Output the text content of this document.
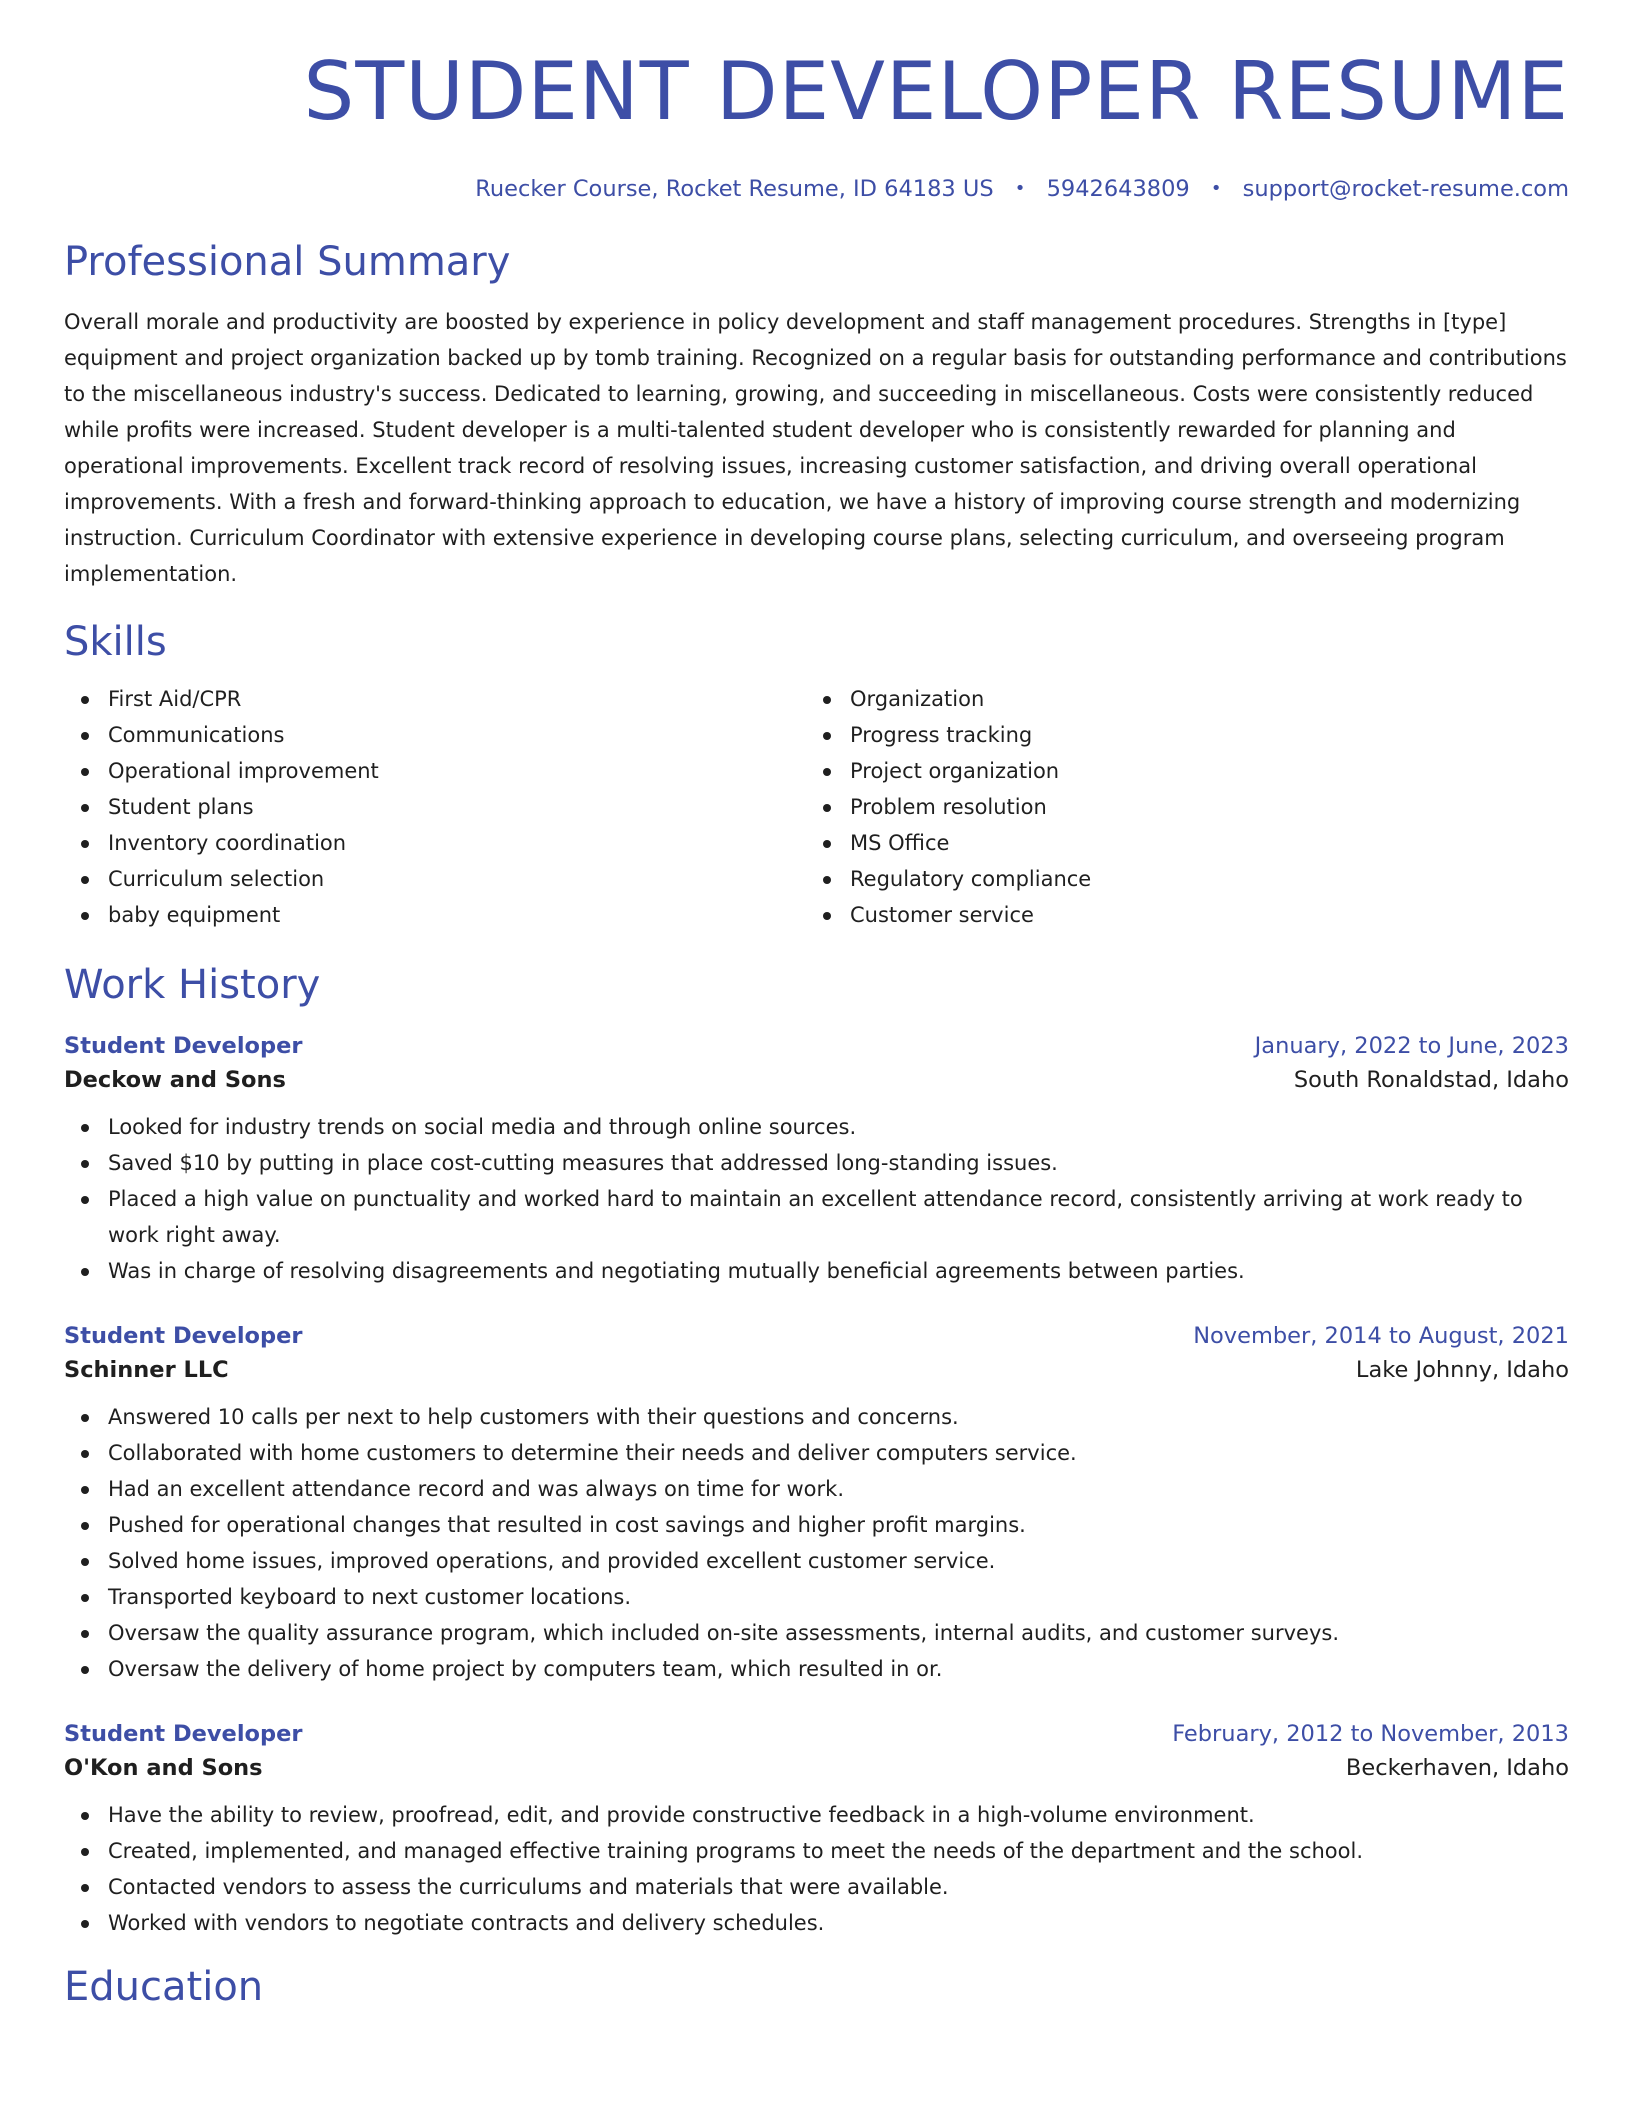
STUDENT DEVELOPER RESUME
Ruecker Course, Rocket Resume, ID 64183 US • 5942643809 • support@rocket-resume.com
Professional Summary

Overall morale and productivity are boosted by experience in policy development and staff management procedures. Strengths in [type] equipment and project organization backed up by tomb training. Recognized on a regular basis for outstanding performance and contributions to the miscellaneous industry's success. Dedicated to learning, growing, and succeeding in miscellaneous. Costs were consistently reduced while profits were increased. Student developer is a multi-talented student developer who is consistently rewarded for planning and operational improvements. Excellent track record of resolving issues, increasing customer satisfaction, and driving overall operational improvements. With a fresh and forward-thinking approach to education, we have a history of improving course strength and modernizing instruction. Curriculum Coordinator with extensive experience in developing course plans, selecting curriculum, and overseeing program implementation.

Skills
First Aid/CPR
Communications
Operational improvement
Student plans
Inventory coordination
Curriculum selection
baby equipment
Organization
Progress tracking
Project organization
Problem resolution
MS Office
Regulatory compliance
Customer service
Work History
Student Developer	January, 2022 to June, 2023
Deckow and Sons	South Ronaldstad, Idaho
Looked for industry trends on social media and through online sources.
Saved $10 by putting in place cost-cutting measures that addressed long-standing issues.
Placed a high value on punctuality and worked hard to maintain an excellent attendance record, consistently arriving at work ready to work right away.
Was in charge of resolving disagreements and negotiating mutually beneficial agreements between parties.
Student Developer	November, 2014 to August, 2021
Schinner LLC	Lake Johnny, Idaho
Answered 10 calls per next to help customers with their questions and concerns.
Collaborated with home customers to determine their needs and deliver computers service.
Had an excellent attendance record and was always on time for work.
Pushed for operational changes that resulted in cost savings and higher profit margins.
Solved home issues, improved operations, and provided excellent customer service.
Transported keyboard to next customer locations.
Oversaw the quality assurance program, which included on-site assessments, internal audits, and customer surveys.
Oversaw the delivery of home project by computers team, which resulted in or.
Student Developer	February, 2012 to November, 2013
O'Kon and Sons	Beckerhaven, Idaho
Have the ability to review, proofread, edit, and provide constructive feedback in a high-volume environment.
Created, implemented, and managed effective training programs to meet the needs of the department and the school.
Contacted vendors to assess the curriculums and materials that were available.
Worked with vendors to negotiate contracts and delivery schedules.
Education
